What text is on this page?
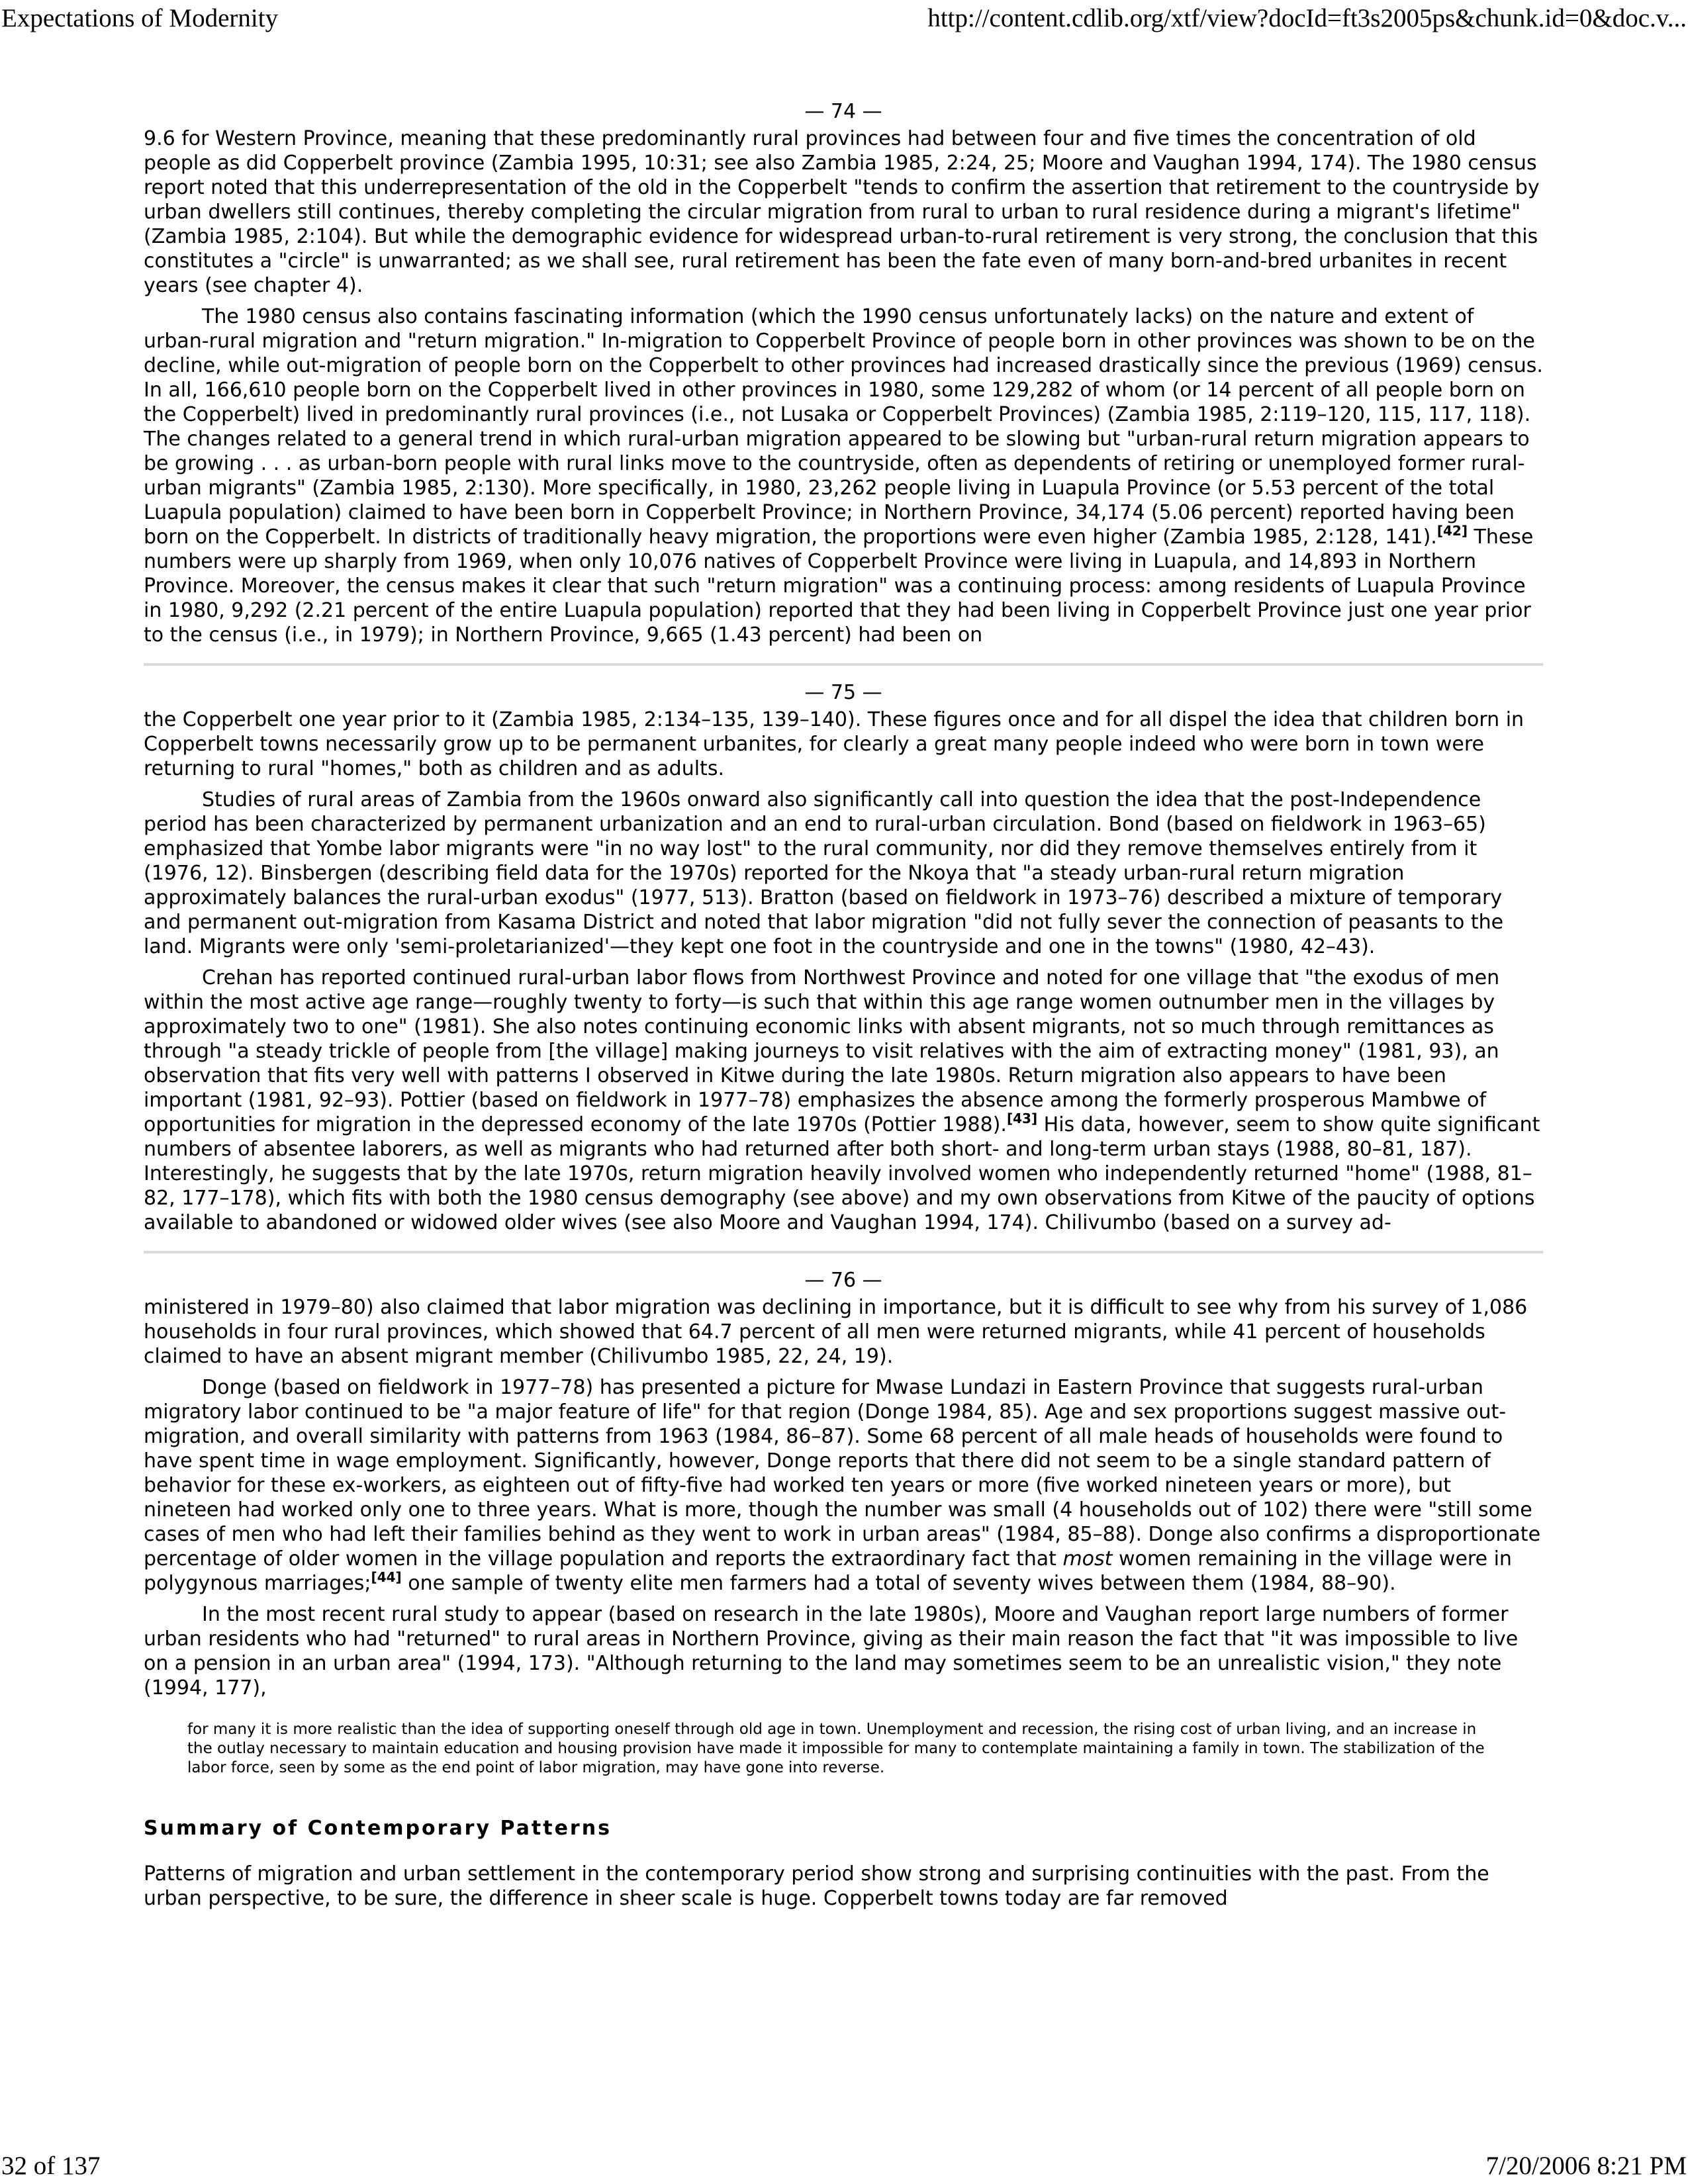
Expectations of Modernity	http://content.cdlib.org/xtf/view?docId=ft3s2005ps&chunk.id=0&doc.v...
— 74 —

9.6 for Western Province, meaning that these predominantly rural provinces had between four and five times the concentration of old people as did Copperbelt province (Zambia 1995, 10:31; see also Zambia 1985, 2:24, 25; Moore and Vaughan 1994, 174). The 1980 census report noted that this underrepresentation of the old in the Copperbelt "tends to confirm the assertion that retirement to the countryside by urban dwellers still continues, thereby completing the circular migration from rural to urban to rural residence during a migrant's lifetime" (Zambia 1985, 2:104). But while the demographic evidence for widespread urban-to-rural retirement is very strong, the conclusion that this constitutes a "circle" is unwarranted; as we shall see, rural retirement has been the fate even of many born-and-bred urbanites in recent years (see chapter 4).

The 1980 census also contains fascinating information (which the 1990 census unfortunately lacks) on the nature and extent of urban-rural migration and "return migration." In-migration to Copperbelt Province of people born in other provinces was shown to be on the decline, while out-migration of people born on the Copperbelt to other provinces had increased drastically since the previous (1969) census. In all, 166,610 people born on the Copperbelt lived in other provinces in 1980, some 129,282 of whom (or 14 percent of all people born on the Copperbelt) lived in predominantly rural provinces (i.e., not Lusaka or Copperbelt Provinces) (Zambia 1985, 2:119–120, 115, 117, 118). The changes related to a general trend in which rural-urban migration appeared to be slowing but "urban-rural return migration appears to be growing . . . as urban-born people with rural links move to the countryside, often as dependents of retiring or unemployed former rural-urban migrants" (Zambia 1985, 2:130). More specifically, in 1980, 23,262 people living in Luapula Province (or 5.53 percent of the total Luapula population) claimed to have been born in Copperbelt Province; in Northern Province, 34,174 (5.06 percent) reported having been born on the Copperbelt. In districts of traditionally heavy migration, the proportions were even higher (Zambia 1985, 2:128, 141).[42] These numbers were up sharply from 1969, when only 10,076 natives of Copperbelt Province were living in Luapula, and 14,893 in Northern Province. Moreover, the census makes it clear that such "return migration" was a continuing process: among residents of Luapula Province in 1980, 9,292 (2.21 percent of the entire Luapula population) reported that they had been living in Copperbelt Province just one year prior to the census (i.e., in 1979); in Northern Province, 9,665 (1.43 percent) had been on

— 75 —

the Copperbelt one year prior to it (Zambia 1985, 2:134–135, 139–140). These figures once and for all dispel the idea that children born in Copperbelt towns necessarily grow up to be permanent urbanites, for clearly a great many people indeed who were born in town were returning to rural "homes," both as children and as adults.

Studies of rural areas of Zambia from the 1960s onward also significantly call into question the idea that the post-Independence period has been characterized by permanent urbanization and an end to rural-urban circulation. Bond (based on fieldwork in 1963–65) emphasized that Yombe labor migrants were "in no way lost" to the rural community, nor did they remove themselves entirely from it (1976, 12). Binsbergen (describing field data for the 1970s) reported for the Nkoya that "a steady urban-rural return migration approximately balances the rural-urban exodus" (1977, 513). Bratton (based on fieldwork in 1973–76) described a mixture of temporary and permanent out-migration from Kasama District and noted that labor migration "did not fully sever the connection of peasants to the land. Migrants were only 'semi-proletarianized'—they kept one foot in the countryside and one in the towns" (1980, 42–43).

Crehan has reported continued rural-urban labor flows from Northwest Province and noted for one village that "the exodus of men within the most active age range—roughly twenty to forty—is such that within this age range women outnumber men in the villages by approximately two to one" (1981). She also notes continuing economic links with absent migrants, not so much through remittances as through "a steady trickle of people from [the village] making journeys to visit relatives with the aim of extracting money" (1981, 93), an observation that fits very well with patterns I observed in Kitwe during the late 1980s. Return migration also appears to have been important (1981, 92–93). Pottier (based on fieldwork in 1977–78) emphasizes the absence among the formerly prosperous Mambwe of opportunities for migration in the depressed economy of the late 1970s (Pottier 1988).[43] His data, however, seem to show quite significant numbers of absentee laborers, as well as migrants who had returned after both short- and long-term urban stays (1988, 80–81, 187). Interestingly, he suggests that by the late 1970s, return migration heavily involved women who independently returned "home" (1988, 81–82, 177–178), which fits with both the 1980 census demography (see above) and my own observations from Kitwe of the paucity of options available to abandoned or widowed older wives (see also Moore and Vaughan 1994, 174). Chilivumbo (based on a survey ad-

— 76 —

ministered in 1979–80) also claimed that labor migration was declining in importance, but it is difficult to see why from his survey of 1,086 households in four rural provinces, which showed that 64.7 percent of all men were returned migrants, while 41 percent of households claimed to have an absent migrant member (Chilivumbo 1985, 22, 24, 19).

Donge (based on fieldwork in 1977–78) has presented a picture for Mwase Lundazi in Eastern Province that suggests rural-urban migratory labor continued to be "a major feature of life" for that region (Donge 1984, 85). Age and sex proportions suggest massive out-migration, and overall similarity with patterns from 1963 (1984, 86–87). Some 68 percent of all male heads of households were found to have spent time in wage employment. Significantly, however, Donge reports that there did not seem to be a single standard pattern of behavior for these ex-workers, as eighteen out of fifty-five had worked ten years or more (five worked nineteen years or more), but nineteen had worked only one to three years. What is more, though the number was small (4 households out of 102) there were "still some cases of men who had left their families behind as they went to work in urban areas" (1984, 85–88). Donge also confirms a disproportionate percentage of older women in the village population and reports the extraordinary fact that most women remaining in the village were in polygynous marriages;[44] one sample of twenty elite men farmers had a total of seventy wives between them (1984, 88–90).

In the most recent rural study to appear (based on research in the late 1980s), Moore and Vaughan report large numbers of former urban residents who had "returned" to rural areas in Northern Province, giving as their main reason the fact that "it was impossible to live on a pension in an urban area" (1994, 173). "Although returning to the land may sometimes seem to be an unrealistic vision," they note (1994, 177),

for many it is more realistic than the idea of supporting oneself through old age in town. Unemployment and recession, the rising cost of urban living, and an increase in the outlay necessary to maintain education and housing provision have made it impossible for many to contemplate maintaining a family in town. The stabilization of the labor force, seen by some as the end point of labor migration, may have gone into reverse.
Summary of Contemporary Patterns

Patterns of migration and urban settlement in the contemporary period show strong and surprising continuities with the past. From the urban perspective, to be sure, the difference in sheer scale is huge. Copperbelt towns today are far removed

32 of 137	7/20/2006 8:21 PM
